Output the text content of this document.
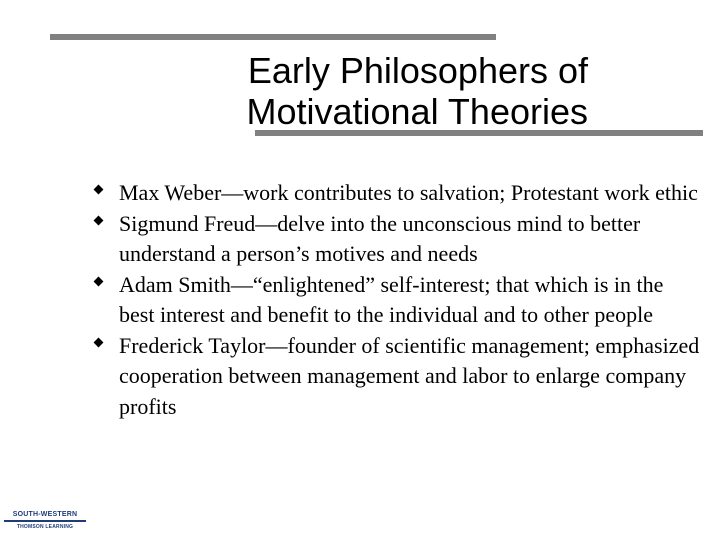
Early Philosophers of
Motivational Theories
Max Weber—work contributes to salvation; Protestant work ethic
Sigmund Freud—delve into the unconscious mind to better understand a person’s motives and needs
Adam Smith—“enlightened” self-interest; that which is in the best interest and benefit to the individual and to other people
Frederick Taylor—founder of scientific management; emphasized cooperation between management and labor to enlarge company profits
SOUTH-WESTERN
THOMSON LEARNING
